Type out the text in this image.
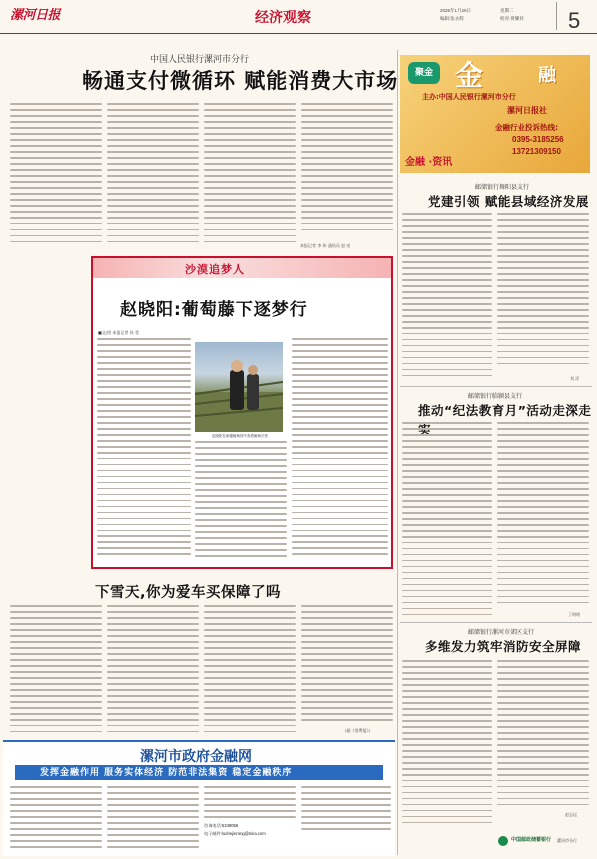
漯河日报	经济观察	2026年1月20日	星期二
编辑:张永辉	校对:黄耀祥 5
中国人民银行漯河市分行
畅通支付微循环 赋能消费大市场
本报记者 李 伟 通讯员 赵 亮
聚金 金	融
主办:中国人民银行漯河市分行
漯河日报社
金融行业投诉热线:
0395-3185256
13721309150
金融 ·资讯
邮储银行舞阳县支行
党建引领 赋能县域经济发展
刘 洋
邮储银行临颍县支行
推动“纪法教育月”活动走深走
丁明明
邮储银行漯河市郊区支行
多维发力筑牢消防安全屏障
赵志远
中国邮政储蓄银行 漯河市分行
沙漠追梦人
赵晓阳:葡萄藤下逐梦行
■文/图 本报记者 孙 莹
赵晓阳在新疆葡萄园中查看葡萄长势
下雪天,你为爱车买保障了吗
(据《消费报》)
漯河市政府金融网
发挥金融作用 服务实体经济 防范非法集资 稳定金融秩序
咨询电话:5349066
电子邮件:luohejinrong@sina.com
